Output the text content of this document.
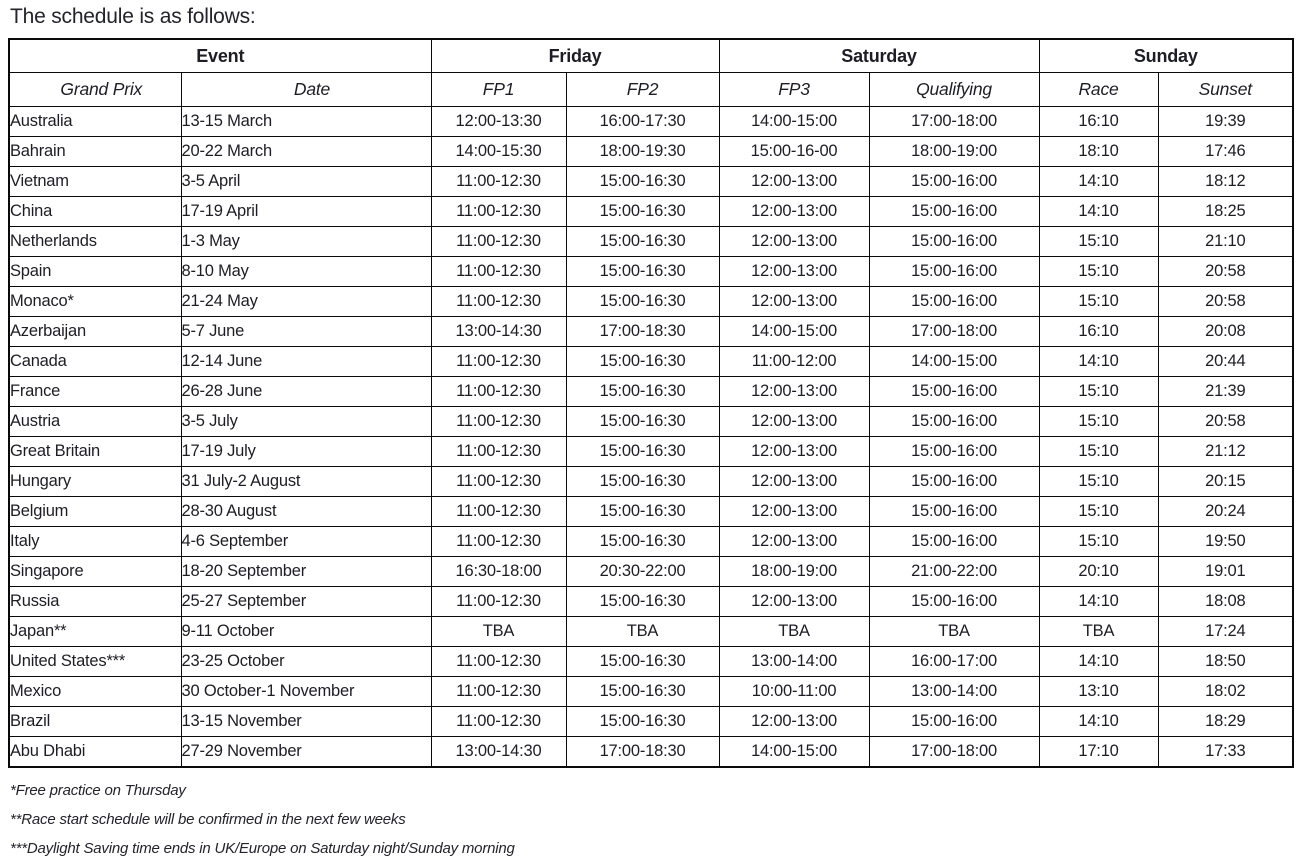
The schedule is as follows:

Event		Friday		Saturday		Sunday	
Grand Prix	Date	FP1	FP2	FP3	Qualifying	Race	Sunset
Australia	13-15 March	12:00-13:30	16:00-17:30	14:00-15:00	17:00-18:00	16:10	19:39
Bahrain	20-22 March	14:00-15:30	18:00-19:30	15:00-16-00	18:00-19:00	18:10	17:46
Vietnam	3-5 April	11:00-12:30	15:00-16:30	12:00-13:00	15:00-16:00	14:10	18:12
China	17-19 April	11:00-12:30	15:00-16:30	12:00-13:00	15:00-16:00	14:10	18:25
Netherlands	1-3 May	11:00-12:30	15:00-16:30	12:00-13:00	15:00-16:00	15:10	21:10
Spain	8-10 May	11:00-12:30	15:00-16:30	12:00-13:00	15:00-16:00	15:10	20:58
Monaco*	21-24 May	11:00-12:30	15:00-16:30	12:00-13:00	15:00-16:00	15:10	20:58
Azerbaijan	5-7 June	13:00-14:30	17:00-18:30	14:00-15:00	17:00-18:00	16:10	20:08
Canada	12-14 June	11:00-12:30	15:00-16:30	11:00-12:00	14:00-15:00	14:10	20:44
France	26-28 June	11:00-12:30	15:00-16:30	12:00-13:00	15:00-16:00	15:10	21:39
Austria	3-5 July	11:00-12:30	15:00-16:30	12:00-13:00	15:00-16:00	15:10	20:58
Great Britain	17-19 July	11:00-12:30	15:00-16:30	12:00-13:00	15:00-16:00	15:10	21:12
Hungary	31 July-2 August	11:00-12:30	15:00-16:30	12:00-13:00	15:00-16:00	15:10	20:15
Belgium	28-30 August	11:00-12:30	15:00-16:30	12:00-13:00	15:00-16:00	15:10	20:24
Italy	4-6 September	11:00-12:30	15:00-16:30	12:00-13:00	15:00-16:00	15:10	19:50
Singapore	18-20 September	16:30-18:00	20:30-22:00	18:00-19:00	21:00-22:00	20:10	19:01
Russia	25-27 September	11:00-12:30	15:00-16:30	12:00-13:00	15:00-16:00	14:10	18:08
Japan**	9-11 October	TBA	TBA	TBA	TBA	TBA	17:24
United States***	23-25 October	11:00-12:30	15:00-16:30	13:00-14:00	16:00-17:00	14:10	18:50
Mexico	30 October-1 November	11:00-12:30	15:00-16:30	10:00-11:00	13:00-14:00	13:10	18:02
Brazil	13-15 November	11:00-12:30	15:00-16:30	12:00-13:00	15:00-16:00	14:10	18:29
Abu Dhabi	27-29 November	13:00-14:30	17:00-18:30	14:00-15:00	17:00-18:00	17:10	17:33
*Free practice on Thursday
**Race start schedule will be confirmed in the next few weeks
***Daylight Saving time ends in UK/Europe on Saturday night/Sunday morning
